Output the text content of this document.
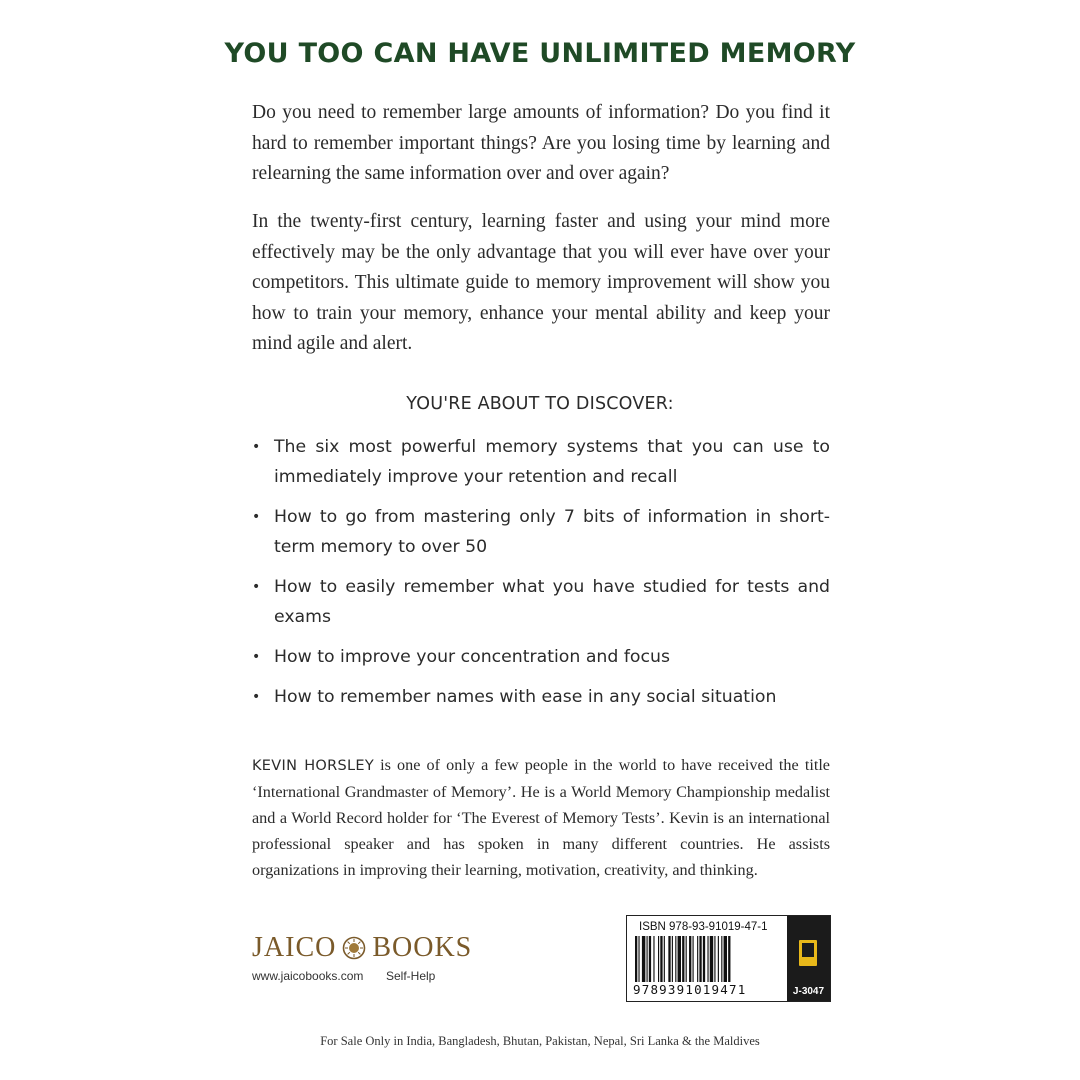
YOU TOO CAN HAVE UNLIMITED MEMORY

Do you need to remember large amounts of information? Do you find it hard to remember important things? Are you losing time by learning and relearning the same information over and over again?

In the twenty-first century, learning faster and using your mind more effectively may be the only advantage that you will ever have over your competitors. This ultimate guide to memory improvement will show you how to train your memory, enhance your mental ability and keep your mind agile and alert.

YOU'RE ABOUT TO DISCOVER:
• The six most powerful memory systems that you can use to immediately improve your retention and recall
• How to go from mastering only 7 bits of information in short-term memory to over 50
• How to easily remember what you have studied for tests and exams
• How to improve your concentration and focus
• How to remember names with ease in any social situation

KEVIN HORSLEY is one of only a few people in the world to have received the title ‘International Grandmaster of Memory’. He is a World Memory Championship medalist and a World Record holder for ‘The Everest of Memory Tests’. Kevin is an international professional speaker and has spoken in many different countries. He assists organizations in improving their learning, motivation, creativity, and thinking.

JAICO BOOKS
www.jaicobooks.com Self-Help
ISBN 978-93-91019-47-1
9789391019471	J-3047
For Sale Only in India, Bangladesh, Bhutan, Pakistan, Nepal, Sri Lanka & the Maldives
